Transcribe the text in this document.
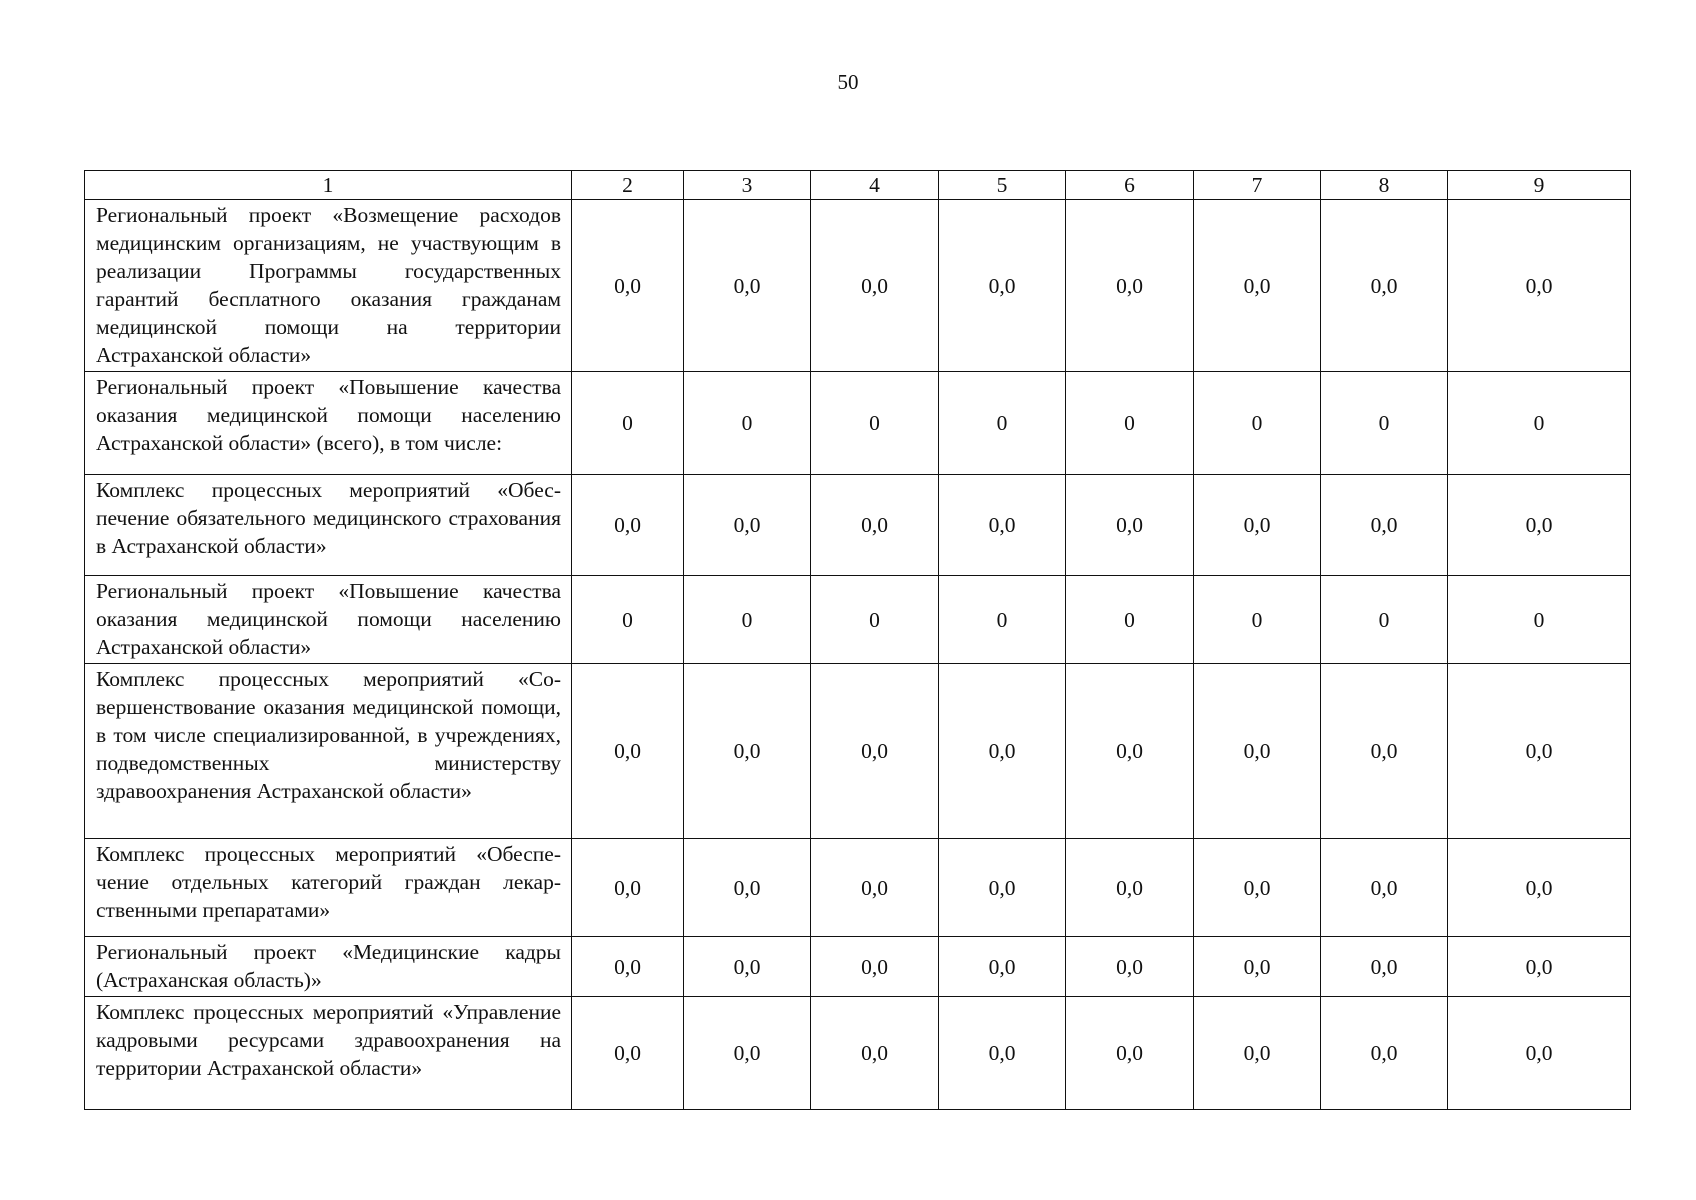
50
1	2	3	4	5	6	7	8	9
Региональный проект «Возмещение расходов медицинским организациям, не участвующим в реализации Программы государственных гарантий бесплатного оказания гражданам медицинской помощи на территории Астраханской области»	0,0	0,0	0,0	0,0	0,0	0,0	0,0	0,0
Региональный проект «Повышение качества оказания медицинской помощи населению Астраханской области» (всего), в том числе:	0	0	0	0	0	0	0	0
Комплекс процессных мероприятий «Обеспечение обязательного медицинского страхования в Астраханской области»	0,0	0,0	0,0	0,0	0,0	0,0	0,0	0,0
Региональный проект «Повышение качества оказания медицинской помощи населению Астраханской области»	0	0	0	0	0	0	0	0
Комплекс процессных мероприятий «Совершенствование оказания медицинской помощи, в том числе специализированной, в учреждениях, подведомственных министерству здравоохранения Астраханской области»	0,0	0,0	0,0	0,0	0,0	0,0	0,0	0,0
Комплекс процессных мероприятий «Обеспечение отдельных категорий граждан лекарственными препаратами»	0,0	0,0	0,0	0,0	0,0	0,0	0,0	0,0
Региональный проект «Медицинские кадры (Астраханская область)»	0,0	0,0	0,0	0,0	0,0	0,0	0,0	0,0
Комплекс процессных мероприятий «Управление кадровыми ресурсами здравоохранения на территории Астраханской области»	0,0	0,0	0,0	0,0	0,0	0,0	0,0	0,0
